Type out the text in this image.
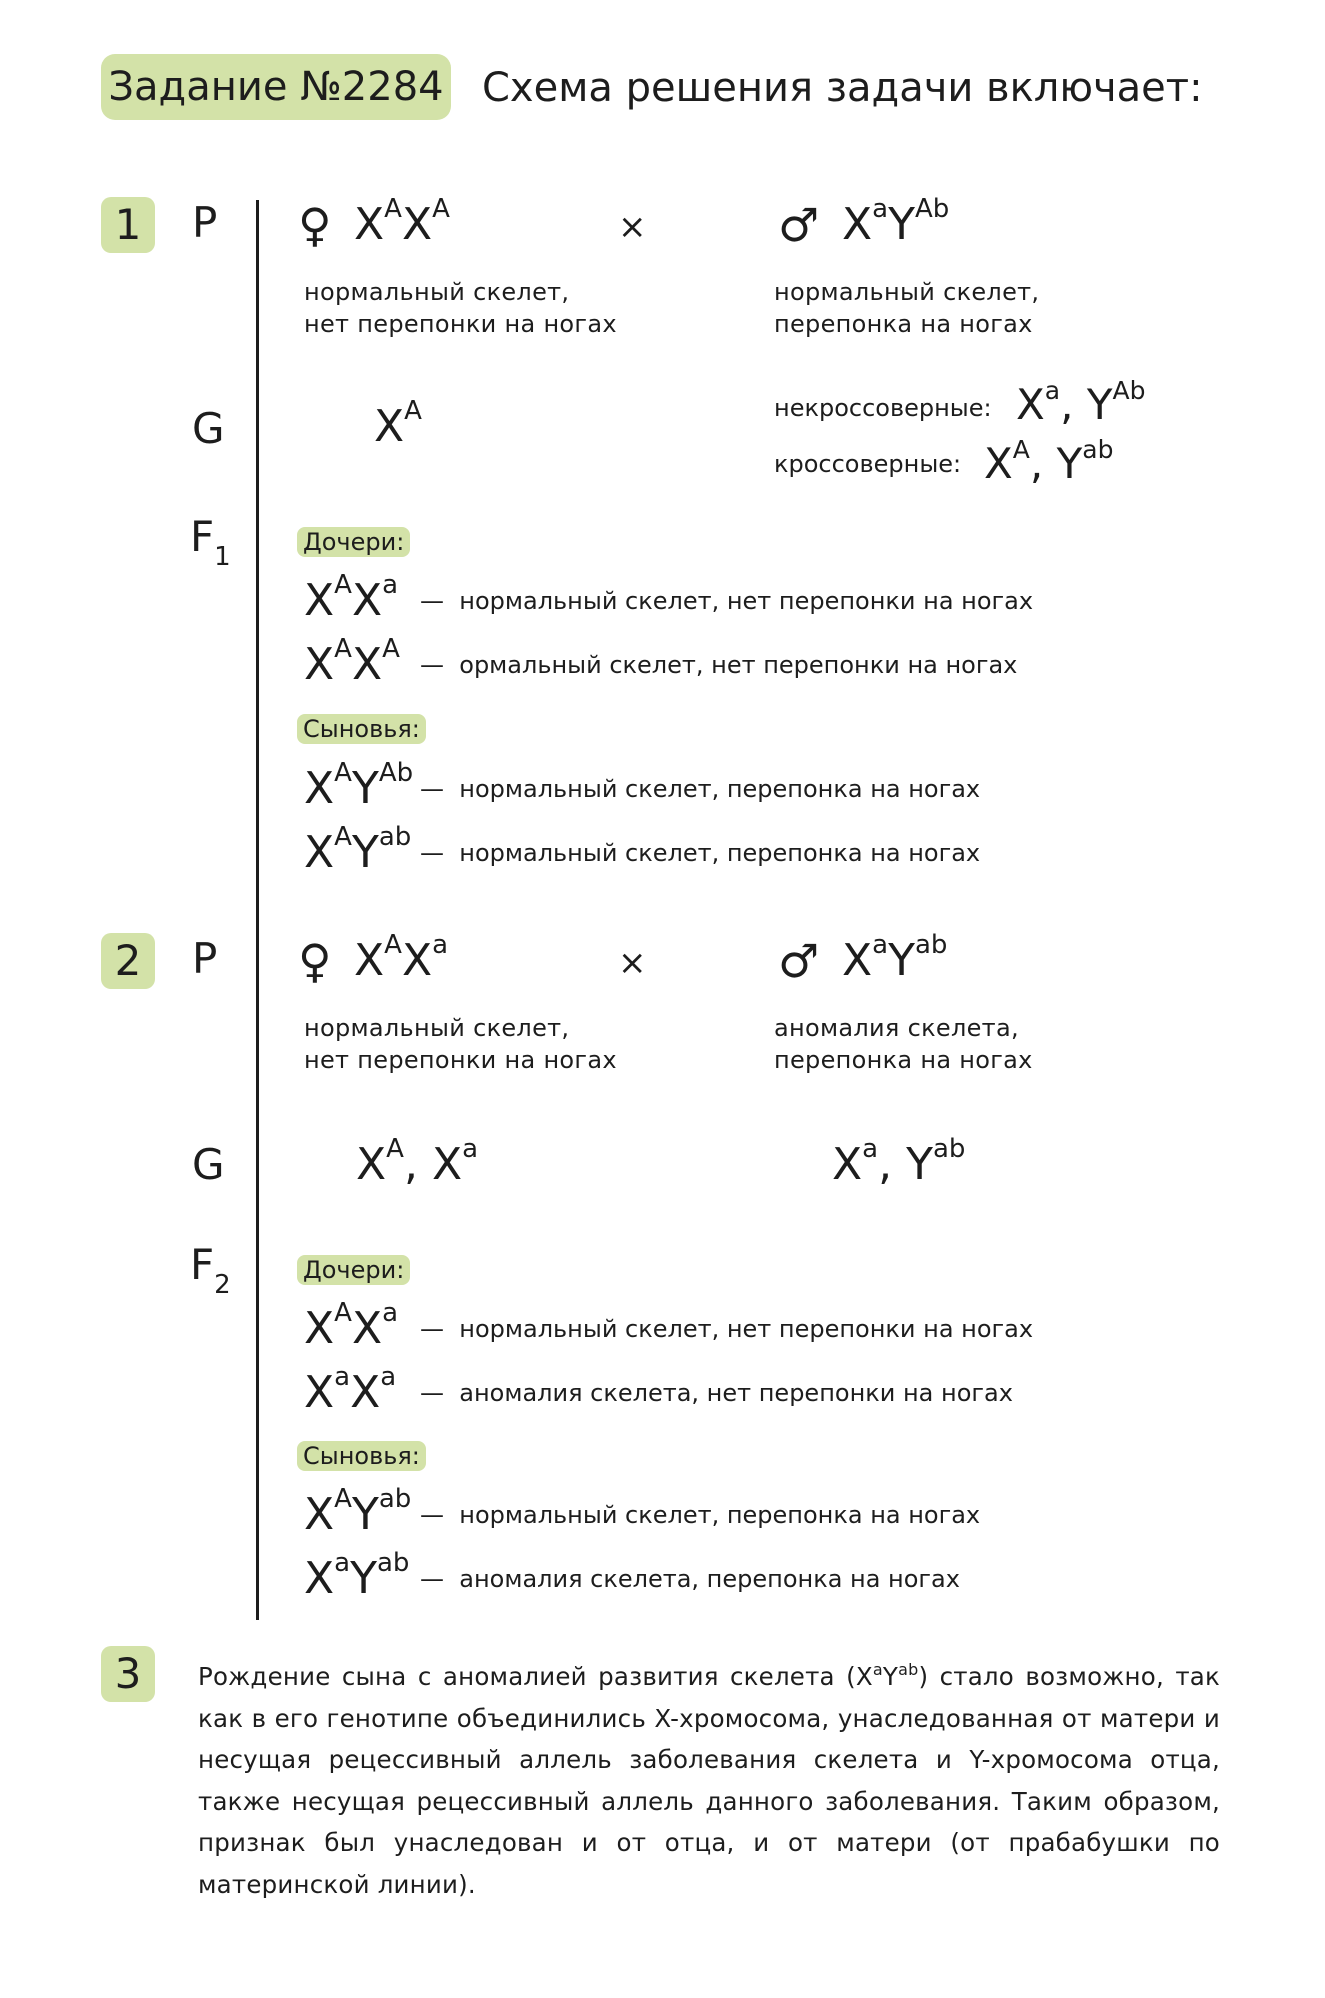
Задание №2284 Схема решения задачи включает:
1	P ♀ $X^AX^A$	×	♂ $X^aY^{Ab}$
нормальный скелет,
нет перепонки на ногах
нормальный скелет,
перепонка на ногах
G	$X^A$	некроссоверные: $X^a$, $Y^{Ab}$
кроссоверные: $X^A$, $Y^{ab}$
$F_1$	Дочери:
$X^AX^a$
— нормальный скелет, нет перепонки на ногах
$X^AX^A$
— ормальный скелет, нет перепонки на ногах
Сыновья:
$X^AY^{Ab}$
— нормальный скелет, перепонка на ногах
$X^AY^{ab}$
— нормальный скелет, перепонка на ногах
2	P ♀ $X^AX^a$	×	♂ $X^aY^{ab}$
нормальный скелет,
нет перепонки на ногах
аномалия скелета,
перепонка на ногах
G	$X^A$, $X^a$	$X^a$, $Y^{ab}$
$F_2$	Дочери:
$X^AX^a$
— нормальный скелет, нет перепонки на ногах
$X^aX^a$
— аномалия скелета, нет перепонки на ногах
Сыновья:
$X^AY^{ab}$
— нормальный скелет, перепонка на ногах
$X^aY^{ab}$
— аномалия скелета, перепонка на ногах
3	Рождение сына с аномалией развития скелета $(X^aY^{ab})$ стало возможно, так как в его генотипе объединились X-хромосома, унаследованная от матери и несущая рецессивный аллель заболевания скелета и Y-хромосома отца, также несущая рецессивный аллель данного заболевания. Таким образом, признак был унаследован и от отца, и от матери (от прабабушки по материнской линии).
